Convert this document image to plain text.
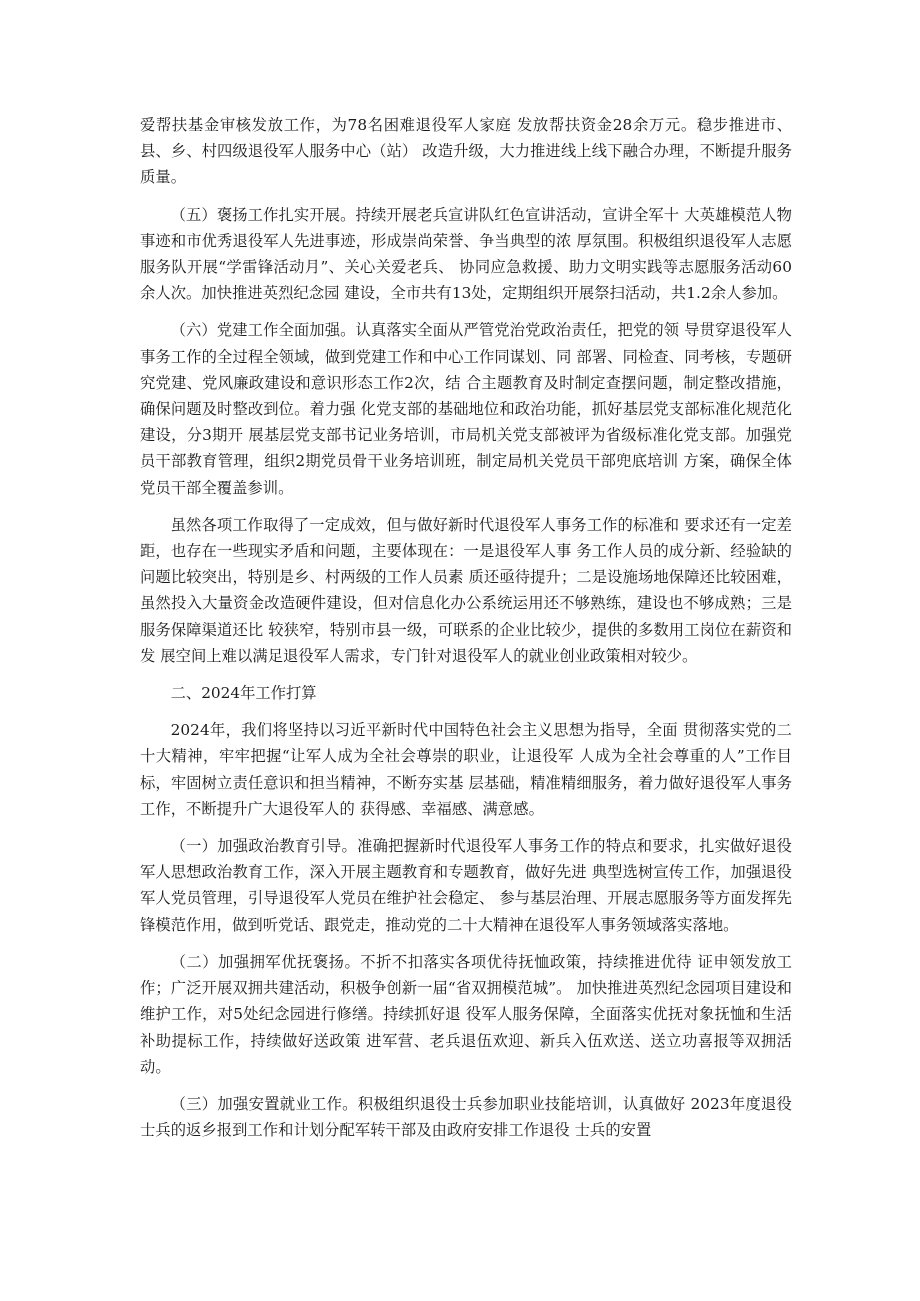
爱帮扶基金审核发放工作，为78名困难退役军人家庭 发放帮扶资金28余万元。稳步推进市、县、乡、村四级退役军人服务中心（站） 改造升级，大力推进线上线下融合办理，不断提升服务质量。

（五）褒扬工作扎实开展。持续开展老兵宣讲队红色宣讲活动，宣讲全军十 大英雄模范人物事迹和市优秀退役军人先进事迹，形成崇尚荣誉、争当典型的浓 厚氛围。积极组织退役军人志愿服务队开展“学雷锋活动月”、关心关爱老兵、 协同应急救援、助力文明实践等志愿服务活动60余人次。加快推进英烈纪念园 建设，全市共有13处，定期组织开展祭扫活动，共1.2余人参加。

（六）党建工作全面加强。认真落实全面从严管党治党政治责任，把党的领 导贯穿退役军人事务工作的全过程全领域，做到党建工作和中心工作同谋划、同 部署、同检查、同考核，专题研究党建、党风廉政建设和意识形态工作2次，结 合主题教育及时制定查摆问题，制定整改措施，确保问题及时整改到位。着力强 化党支部的基础地位和政治功能，抓好基层党支部标准化规范化建设，分3期开 展基层党支部书记业务培训，市局机关党支部被评为省级标准化党支部。加强党 员干部教育管理，组织2期党员骨干业务培训班，制定局机关党员干部兜底培训 方案，确保全体党员干部全覆盖参训。

虽然各项工作取得了一定成效，但与做好新时代退役军人事务工作的标准和 要求还有一定差距，也存在一些现实矛盾和问题，主要体现在：一是退役军人事 务工作人员的成分新、经验缺的问题比较突出，特别是乡、村两级的工作人员素 质还亟待提升；二是设施场地保障还比较困难，虽然投入大量资金改造硬件建设，但对信息化办公系统运用还不够熟练，建设也不够成熟；三是服务保障渠道还比 较狭窄，特别市县一级，可联系的企业比较少，提供的多数用工岗位在薪资和发 展空间上难以满足退役军人需求，专门针对退役军人的就业创业政策相对较少。

二、2024年工作打算

2024年，我们将坚持以习近平新时代中国特色社会主义思想为指导，全面 贯彻落实党的二十大精神，牢牢把握“让军人成为全社会尊崇的职业，让退役军 人成为全社会尊重的人”工作目标，牢固树立责任意识和担当精神，不断夯实基 层基础，精准精细服务，着力做好退役军人事务工作，不断提升广大退役军人的 获得感、幸福感、满意感。

（一）加强政治教育引导。准确把握新时代退役军人事务工作的特点和要求，扎实做好退役军人思想政治教育工作，深入开展主题教育和专题教育，做好先进 典型选树宣传工作，加强退役军人党员管理，引导退役军人党员在维护社会稳定、 参与基层治理、开展志愿服务等方面发挥先锋模范作用，做到听党话、跟党走，推动党的二十大精神在退役军人事务领域落实落地。

（二）加强拥军优抚褒扬。不折不扣落实各项优待抚恤政策，持续推进优待 证申领发放工作；广泛开展双拥共建活动，积极争创新一届“省双拥模范城”。 加快推进英烈纪念园项目建设和维护工作，对5处纪念园进行修缮。持续抓好退 役军人服务保障，全面落实优抚对象抚恤和生活补助提标工作，持续做好送政策 进军营、老兵退伍欢迎、新兵入伍欢送、送立功喜报等双拥活动。

（三）加强安置就业工作。积极组织退役士兵参加职业技能培训，认真做好 2023年度退役士兵的返乡报到工作和计划分配军转干部及由政府安排工作退役 士兵的安置
